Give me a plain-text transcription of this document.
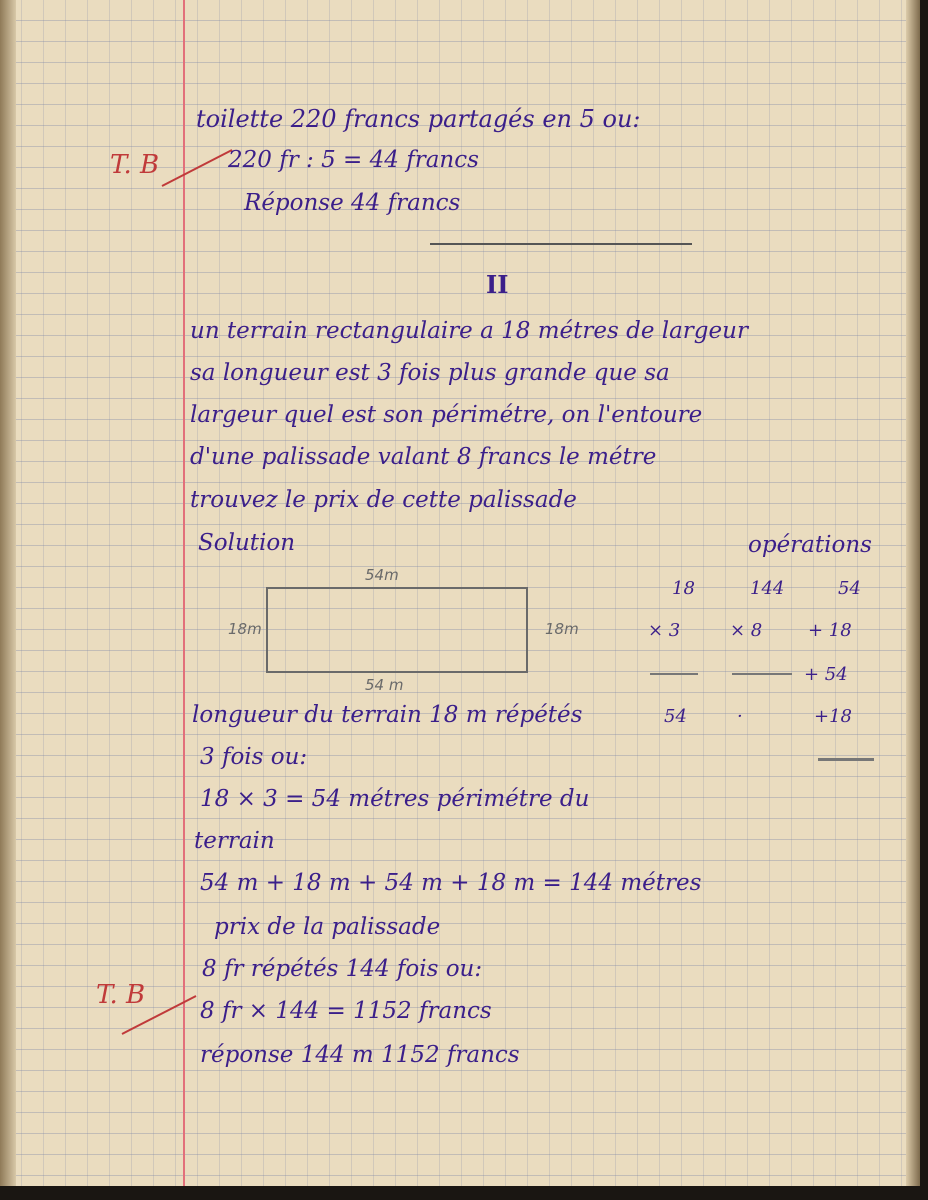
toilette 220 francs partagés en 5 ou:
220 fr : 5 = 44 francs
Réponse 44 francs
T. B
II
un terrain rectangulaire a 18 métres de largeur
sa longueur est 3 fois plus grande que sa
largeur quel est son périmétre, on l'entoure
d'une palissade valant 8 francs le métre
trouvez le prix de cette palissade
Solution	opérations
54m
54 m
18m	18m
18
× 3
54
144
× 8
·
54
+ 18
+ 54
+18
longueur du terrain 18 m répétés
3 fois ou:
18 × 3 = 54 métres périmétre du
terrain
54 m + 18 m + 54 m + 18 m = 144 métres
prix de la palissade
8 fr répétés 144 fois ou:
8 fr × 144 = 1152 francs
réponse 144 m 1152 francs
T. B
